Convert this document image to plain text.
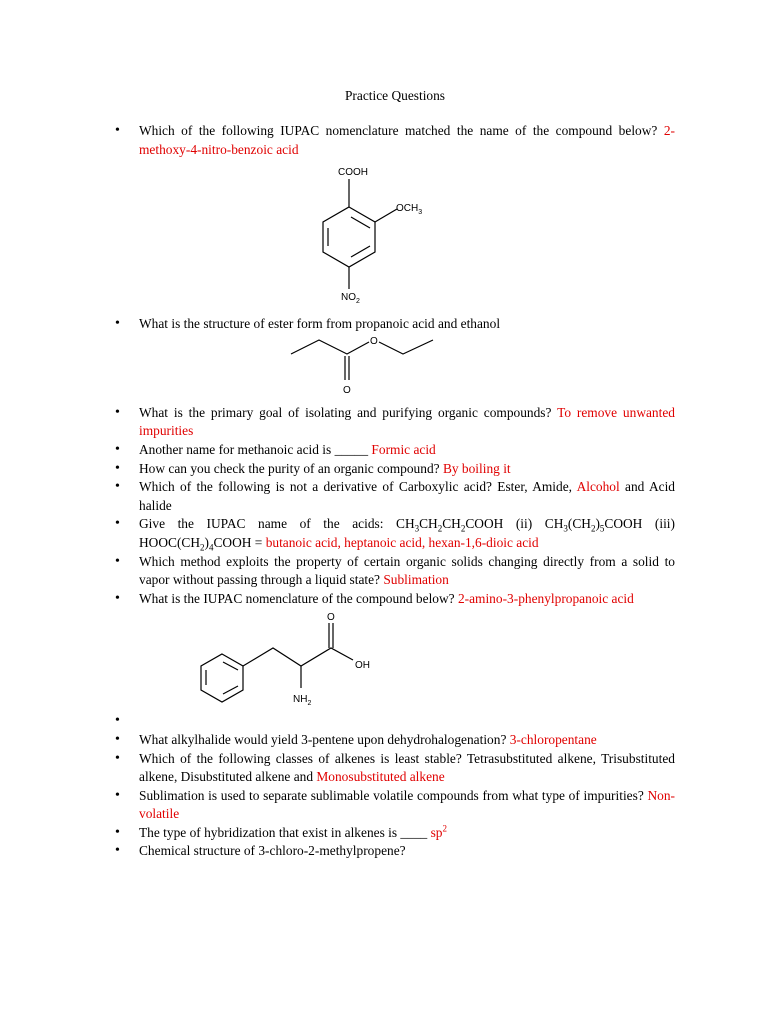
Practice Questions
• Which of the following IUPAC nomenclature matched the name of the compound below? 2-methoxy-4-nitro-benzoic acid
COOH
$OCH_3$
$NO_2$
• What is the structure of ester form from propanoic acid and ethanol
O
O
• What is the primary goal of isolating and purifying organic compounds? To remove unwanted impurities
• Another name for methanoic acid is _____ Formic acid
• How can you check the purity of an organic compound? By boiling it
• Which of the following is not a derivative of Carboxylic acid? Ester, Amide, Alcohol and Acid halide
• Give the IUPAC name of the acids: $CH_3CH_2CH_2COOH$ (ii) $CH_3(CH_2)_5COOH$ (iii) $HOOC(CH_2)_4COOH$ = butanoic acid, heptanoic acid, hexan-1,6-dioic acid
• Which method exploits the property of certain organic solids changing directly from a solid to vapor without passing through a liquid state? Sublimation
• What is the IUPAC nomenclature of the compound below? 2-amino-3-phenylpropanoic acid
O
OH
$NH_2$
•
• What alkylhalide would yield 3-pentene upon dehydrohalogenation? 3-chloropentane
• Which of the following classes of alkenes is least stable? Tetrasubstituted alkene, Trisubstituted alkene, Disubstituted alkene and Monosubstituted alkene
• Sublimation is used to separate sublimable volatile compounds from what type of impurities? Non-volatile
• The type of hybridization that exist in alkenes is ____ $sp^2$
• Chemical structure of 3-chloro-2-methylpropene?
